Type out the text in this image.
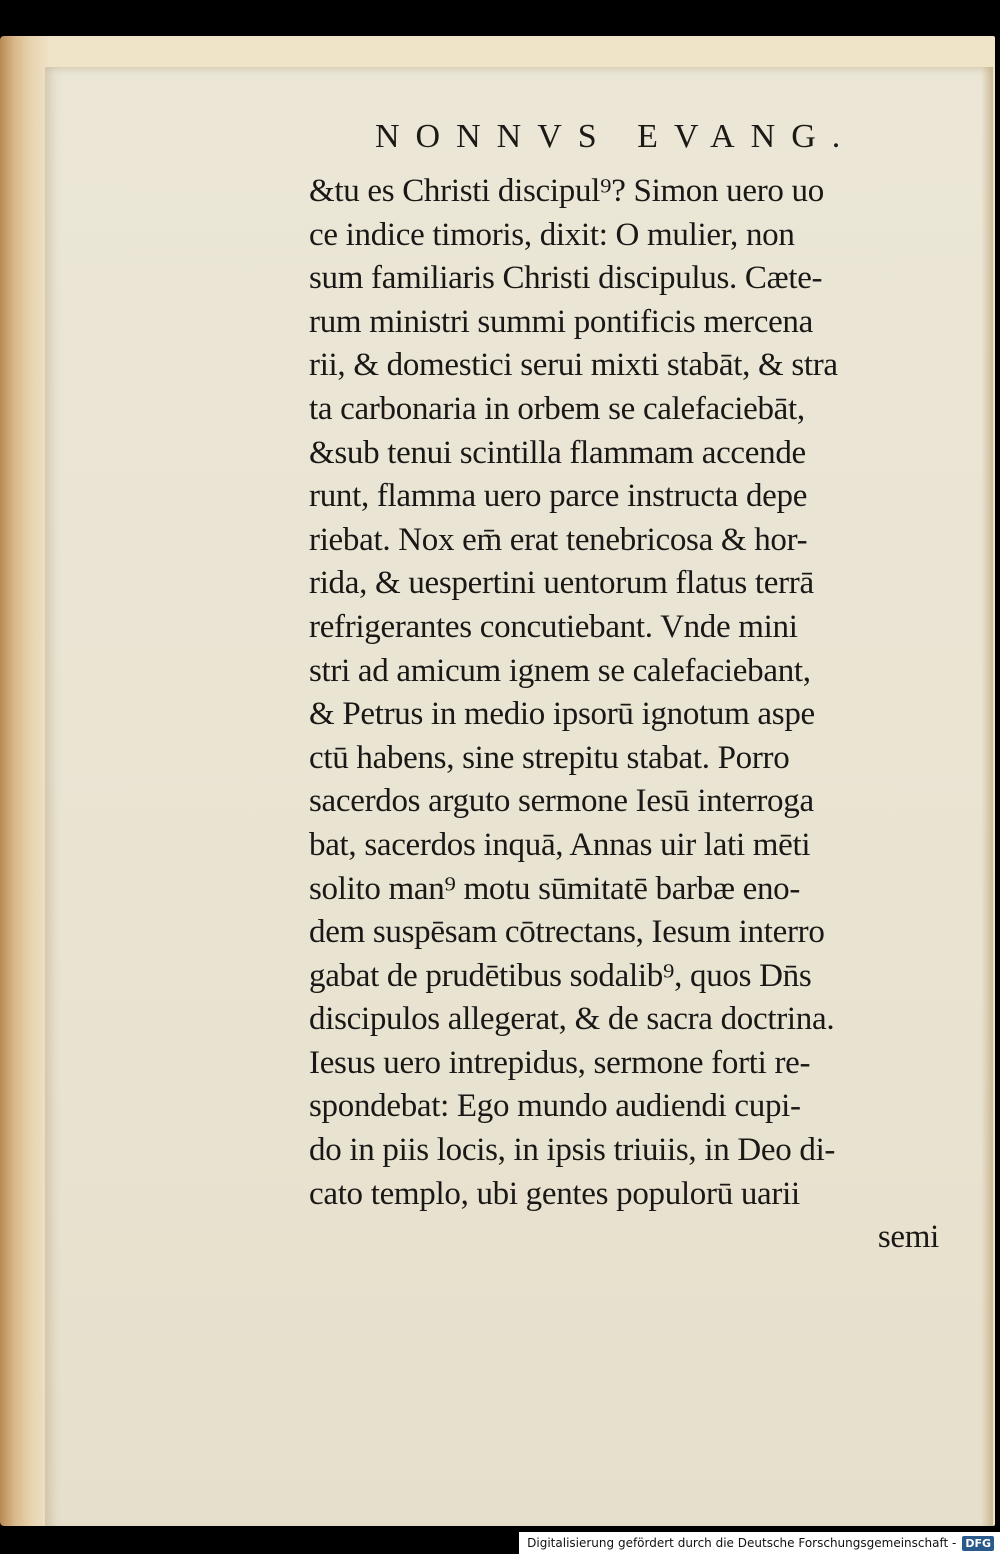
NONNVS EVANG.
&tu es Christi discipul⁹? Simon uero uo
ce indice timoris, dixit: O mulier, non
sum familiaris Christi discipulus. Cæte-
rum ministri summi pontificis mercena
rii, & domestici serui mixti stabāt, & stra
ta carbonaria in orbem se calefaciebāt,
&sub tenui scintilla flammam accende
runt, flamma uero parce instructa depe
riebat. Nox em̄ erat tenebricosa & hor-
rida, & uespertini uentorum flatus terrā
refrigerantes concutiebant. Vnde mini
stri ad amicum ignem se calefaciebant,
& Petrus in medio ipsorū ignotum aspe
ctū habens, sine strepitu stabat. Porro
sacerdos arguto sermone Iesū interroga
bat, sacerdos inquā, Annas uir lati mēti
solito man⁹ motu sūmitatē barbæ eno-
dem suspēsam cōtrectans, Iesum interro
gabat de prudētibus sodalib⁹, quos Dn̄s
discipulos allegerat, & de sacra doctrina.
Iesus uero intrepidus, sermone forti re-
spondebat: Ego mundo audiendi cupi-
do in piis locis, in ipsis triuiis, in Deo di-
cato templo, ubi gentes populorū uarii
semi
Digitalisierung gefördert durch die Deutsche Forschungsgemeinschaft - DFG
